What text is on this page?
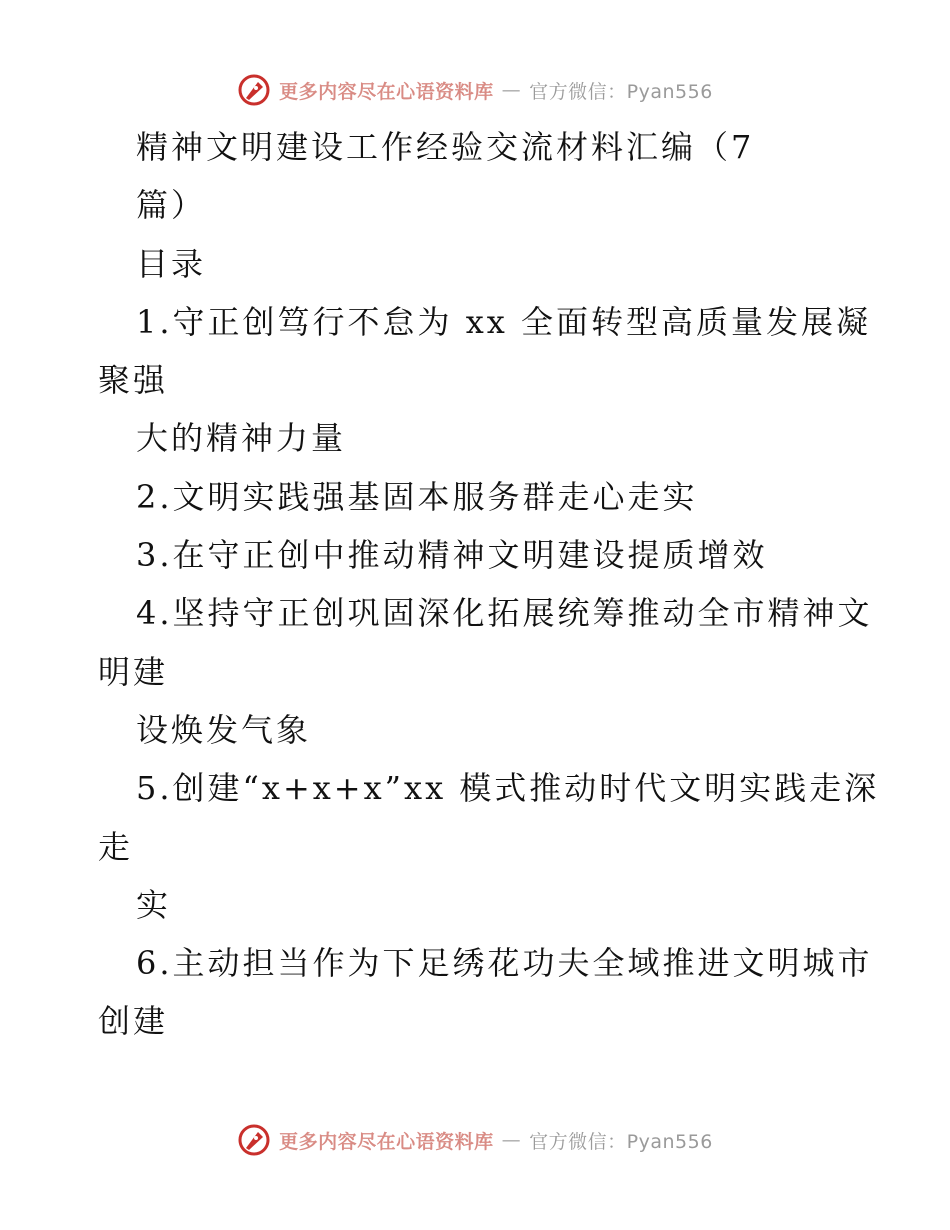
更多内容尽在心语资料库 — 官方微信：Pyan556
精神文明建设工作经验交流材料汇编（7
篇）
目录
1.守正创笃行不怠为 xx 全面转型高质量发展凝
聚强
大的精神力量
2.文明实践强基固本服务群走心走实
3.在守正创中推动精神文明建设提质增效
4.坚持守正创巩固深化拓展统筹推动全市精神文
明建
设焕发气象
5.创建“x+x+x”xx 模式推动时代文明实践走深
走
实
6.主动担当作为下足绣花功夫全域推进文明城市
创建
更多内容尽在心语资料库 — 官方微信：Pyan556
